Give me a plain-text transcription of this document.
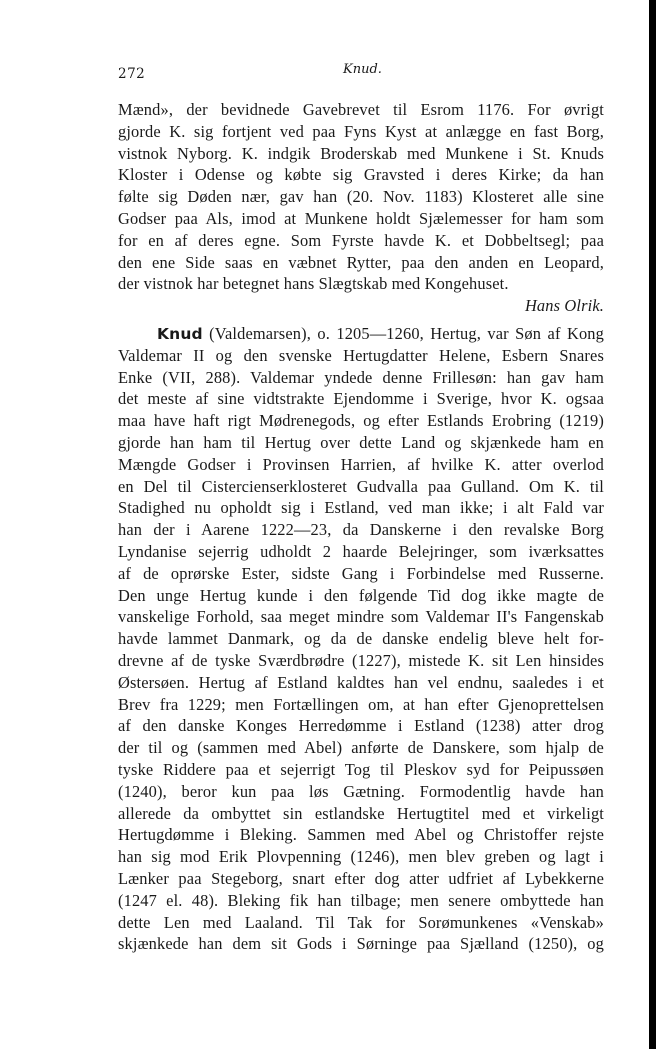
272	Knud.
Mænd», der bevidnede Gavebrevet til Esrom 1176. For øvrigt
gjorde K. sig fortjent ved paa Fyns Kyst at anlægge en fast Borg,
vistnok Nyborg. K. indgik Broderskab med Munkene i St. Knuds
Kloster i Odense og købte sig Gravsted i deres Kirke; da han
følte sig Døden nær, gav han (20. Nov. 1183) Klosteret alle sine
Godser paa Als, imod at Munkene holdt Sjælemesser for ham som
for en af deres egne. Som Fyrste havde K. et Dobbeltsegl; paa
den ene Side saas en væbnet Rytter, paa den anden en Leopard,
der vistnok har betegnet hans Slægtskab med Kongehuset.
Hans Olrik.
Knud (Valdemarsen), o. 1205—1260, Hertug, var Søn af Kong
Valdemar II og den svenske Hertugdatter Helene, Esbern Snares
Enke (VII, 288). Valdemar yndede denne Frillesøn: han gav ham
det meste af sine vidtstrakte Ejendomme i Sverige, hvor K. ogsaa
maa have haft rigt Mødrenegods, og efter Estlands Erobring (1219)
gjorde han ham til Hertug over dette Land og skjænkede ham en
Mængde Godser i Provinsen Harrien, af hvilke K. atter overlod
en Del til Cistercienserklosteret Gudvalla paa Gulland. Om K. til
Stadighed nu opholdt sig i Estland, ved man ikke; i alt Fald var
han der i Aarene 1222—23, da Danskerne i den revalske Borg
Lyndanise sejerrig udholdt 2 haarde Belejringer, som iværksattes
af de oprørske Ester, sidste Gang i Forbindelse med Russerne.
Den unge Hertug kunde i den følgende Tid dog ikke magte de
vanskelige Forhold, saa meget mindre som Valdemar II's Fangenskab
havde lammet Danmark, og da de danske endelig bleve helt for-
drevne af de tyske Sværdbrødre (1227), mistede K. sit Len hinsides
Østersøen. Hertug af Estland kaldtes han vel endnu, saaledes i et
Brev fra 1229; men Fortællingen om, at han efter Gjenoprettelsen
af den danske Konges Herredømme i Estland (1238) atter drog
der til og (sammen med Abel) anførte de Danskere, som hjalp de
tyske Riddere paa et sejerrigt Tog til Pleskov syd for Peipussøen
(1240), beror kun paa løs Gætning. Formodentlig havde han
allerede da ombyttet sin estlandske Hertugtitel med et virkeligt
Hertugdømme i Bleking. Sammen med Abel og Christoffer rejste
han sig mod Erik Plovpenning (1246), men blev greben og lagt i
Lænker paa Stegeborg, snart efter dog atter udfriet af Lybekkerne
(1247 el. 48). Bleking fik han tilbage; men senere ombyttede han
dette Len med Laaland. Til Tak for Sorømunkenes «Venskab»
skjænkede han dem sit Gods i Sørninge paa Sjælland (1250), og
